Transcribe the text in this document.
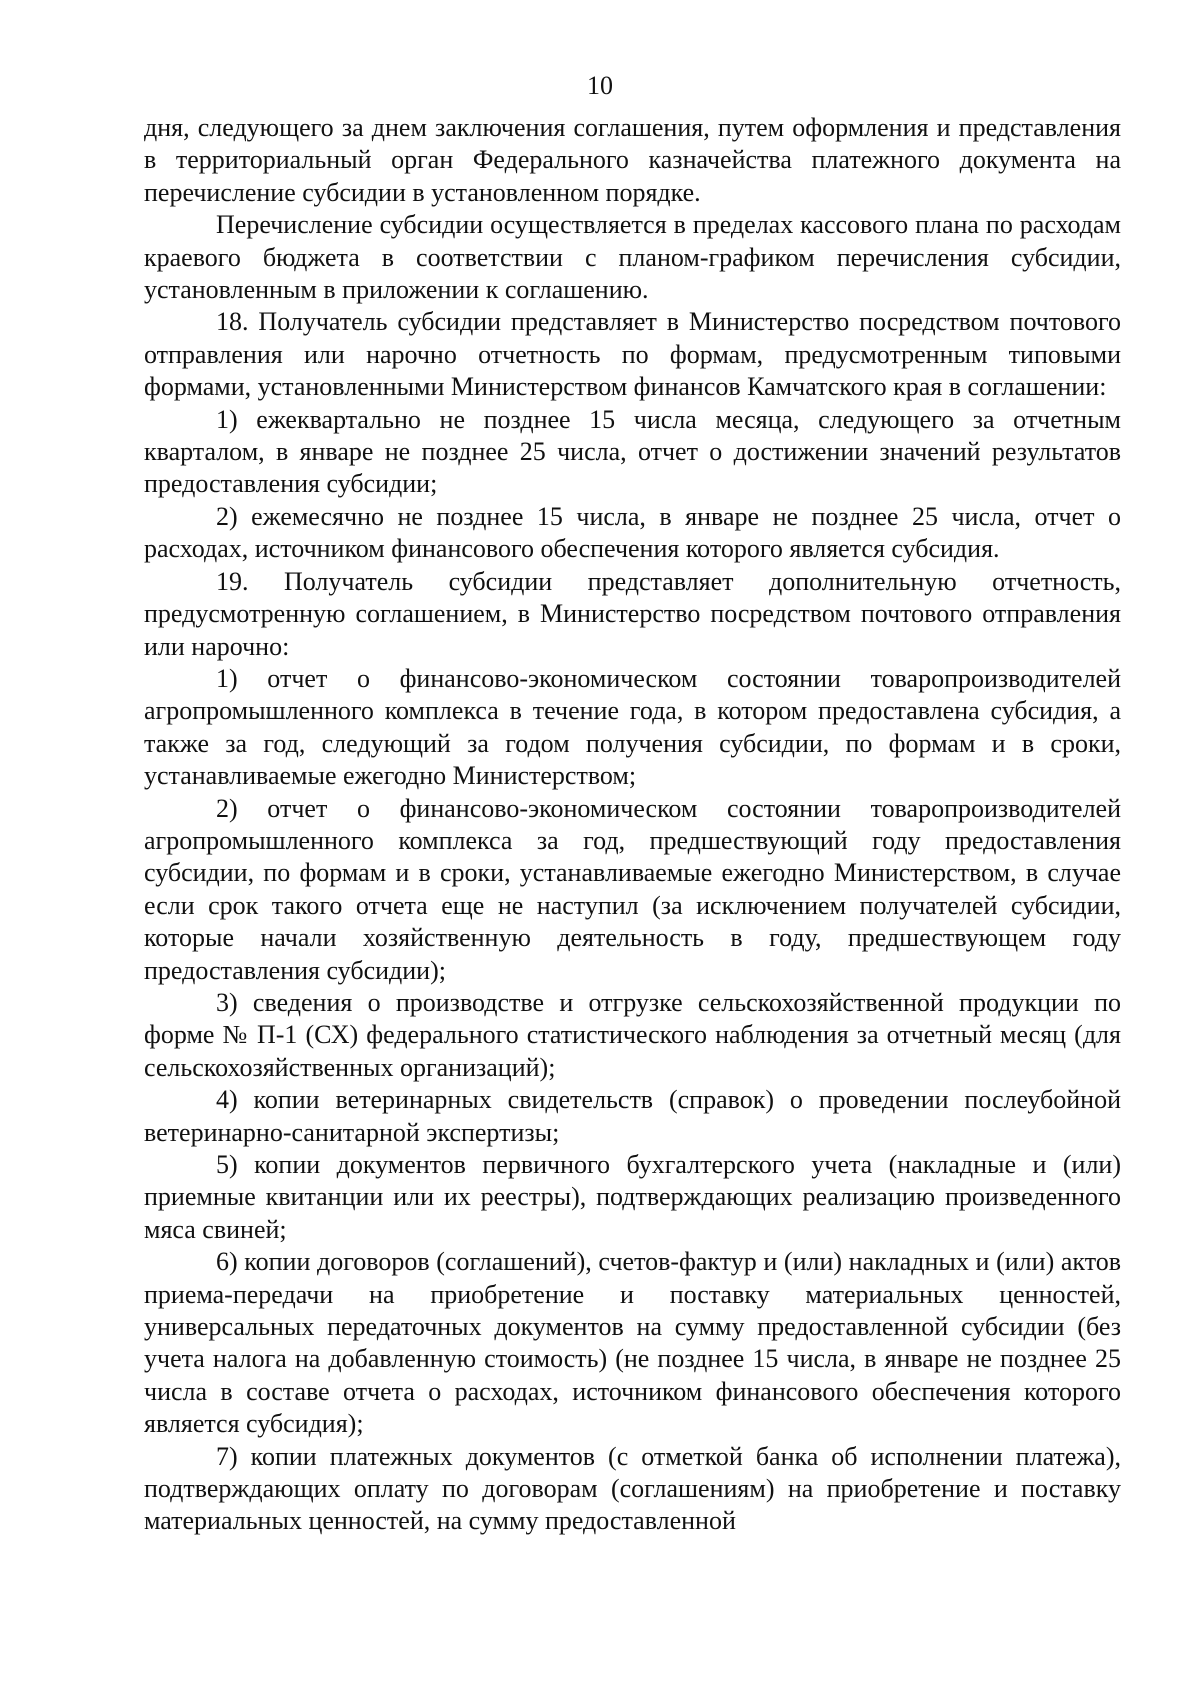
10

дня, следующего за днем заключения соглашения, путем оформления и представления в территориальный орган Федерального казначейства платежного документа на перечисление субсидии в установленном порядке.

Перечисление субсидии осуществляется в пределах кассового плана по расходам краевого бюджета в соответствии с планом-графиком перечисления субсидии, установленным в приложении к соглашению.

18. Получатель субсидии представляет в Министерство посредством почтового отправления или нарочно отчетность по формам, предусмотренным типовыми формами, установленными Министерством финансов Камчатского края в соглашении:

1) ежеквартально не позднее 15 числа месяца, следующего за отчетным кварталом, в январе не позднее 25 числа, отчет о достижении значений результатов предоставления субсидии;

2) ежемесячно не позднее 15 числа, в январе не позднее 25 числа, отчет о расходах, источником финансового обеспечения которого является субсидия.

19. Получатель субсидии представляет дополнительную отчетность, предусмотренную соглашением, в Министерство посредством почтового отправления или нарочно:

1) отчет о финансово-экономическом состоянии товаропроизводителей агропромышленного комплекса в течение года, в котором предоставлена субсидия, а также за год, следующий за годом получения субсидии, по формам и в сроки, устанавливаемые ежегодно Министерством;

2) отчет о финансово-экономическом состоянии товаропроизводителей агропромышленного комплекса за год, предшествующий году предоставления субсидии, по формам и в сроки, устанавливаемые ежегодно Министерством, в случае если срок такого отчета еще не наступил (за исключением получателей субсидии, которые начали хозяйственную деятельность в году, предшествующем году предоставления субсидии);

3) сведения о производстве и отгрузке сельскохозяйственной продукции по форме № П-1 (СХ) федерального статистического наблюдения за отчетный месяц (для сельскохозяйственных организаций);

4) копии ветеринарных свидетельств (справок) о проведении послеубойной ветеринарно-санитарной экспертизы;

5) копии документов первичного бухгалтерского учета (накладные и (или) приемные квитанции или их реестры), подтверждающих реализацию произведенного мяса свиней;

6) копии договоров (соглашений), счетов-фактур и (или) накладных и (или) актов приема-передачи на приобретение и поставку материальных ценностей, универсальных передаточных документов на сумму предоставленной субсидии (без учета налога на добавленную стоимость) (не позднее 15 числа, в январе не позднее 25 числа в составе отчета о расходах, источником финансового обеспечения которого является субсидия);

7) копии платежных документов (с отметкой банка об исполнении платежа), подтверждающих оплату по договорам (соглашениям) на приобретение и поставку материальных ценностей, на сумму предоставленной
